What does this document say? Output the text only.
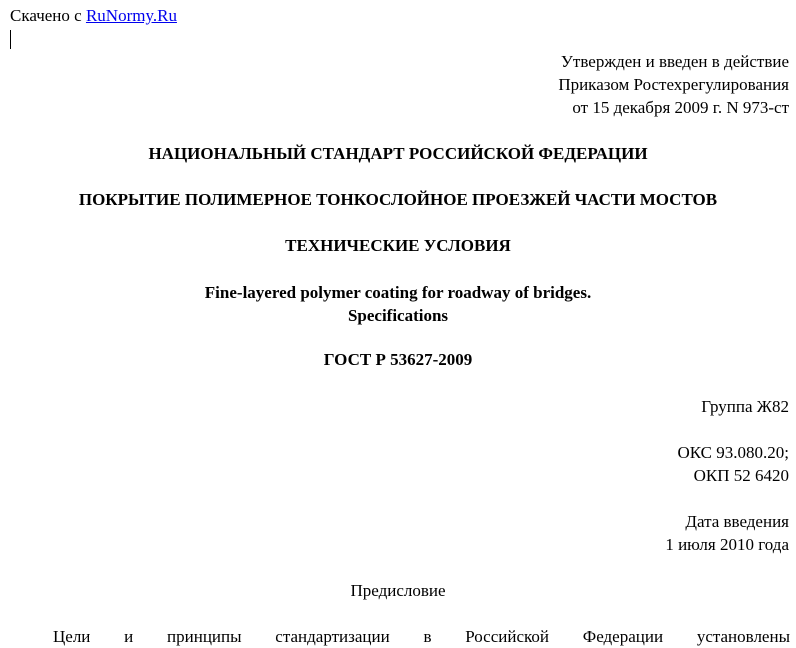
Скачено с RuNormy.Ru
Утвержден и введен в действие
Приказом Ростехрегулирования
от 15 декабря 2009 г. N 973-ст
НАЦИОНАЛЬНЫЙ СТАНДАРТ РОССИЙСКОЙ ФЕДЕРАЦИИ
ПОКРЫТИЕ ПОЛИМЕРНОЕ ТОНКОСЛОЙНОЕ ПРОЕЗЖЕЙ ЧАСТИ МОСТОВ
ТЕХНИЧЕСКИЕ УСЛОВИЯ
Fine-layered polymer coating for roadway of bridges.
Specifications
ГОСТ Р 53627-2009
Группа Ж82
ОКС 93.080.20;
ОКП 52 6420
Дата введения
1 июля 2010 года
Предисловие
Цели и принципы стандартизации в Российской Федерации установлены
